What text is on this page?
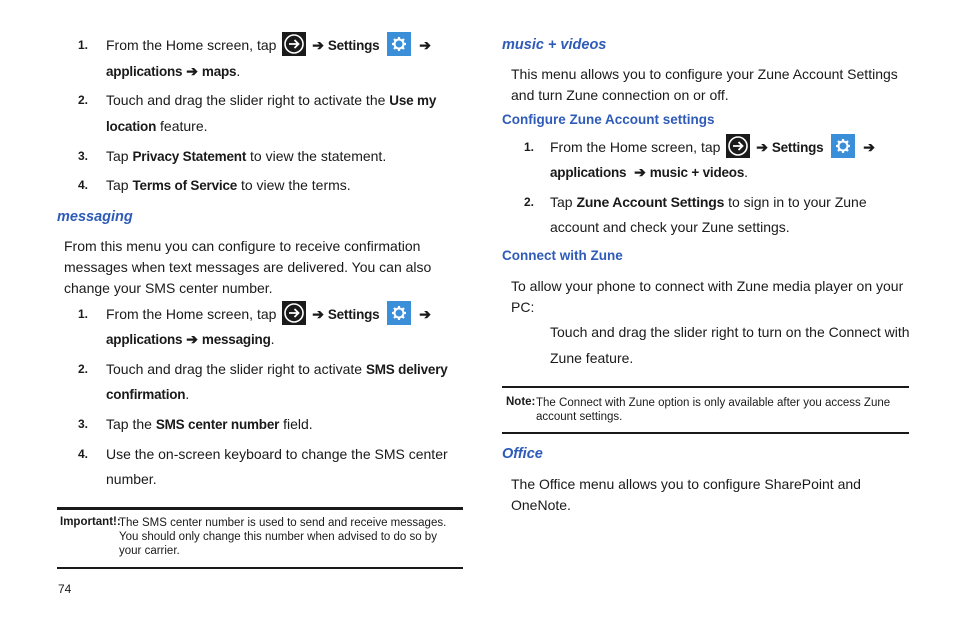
1. From the Home screen, tap	➔ Settings	➔
applications ➔ maps.
2. Touch and drag the slider right to activate the Use my
location feature.
3. Tap Privacy Statement to view the statement.
4. Tap Terms of Service to view the terms.
messaging
From this menu you can configure to receive confirmation
messages when text messages are delivered. You can also
change your SMS center number.
1. From the Home screen, tap	➔ Settings	➔
applications ➔ messaging.
2. Touch and drag the slider right to activate SMS delivery
confirmation.
3. Tap the SMS center number field.
4. Use the on-screen keyboard to change the SMS center
number.
Important!:
The SMS center number is used to send and receive messages.
You should only change this number when advised to do so by
your carrier.
74
music + videos
This menu allows you to configure your Zune Account Settings
and turn Zune connection on or off.
Configure Zune Account settings
1. From the Home screen, tap	➔ Settings	➔
applications ➔ music + videos.
2. Tap Zune Account Settings to sign in to your Zune
account and check your Zune settings.
Connect with Zune
To allow your phone to connect with Zune media player on your
PC:
Touch and drag the slider right to turn on the Connect with
Zune feature.
Note: The Connect with Zune option is only available after you access Zune
account settings.
Office
The Office menu allows you to configure SharePoint and
OneNote.
